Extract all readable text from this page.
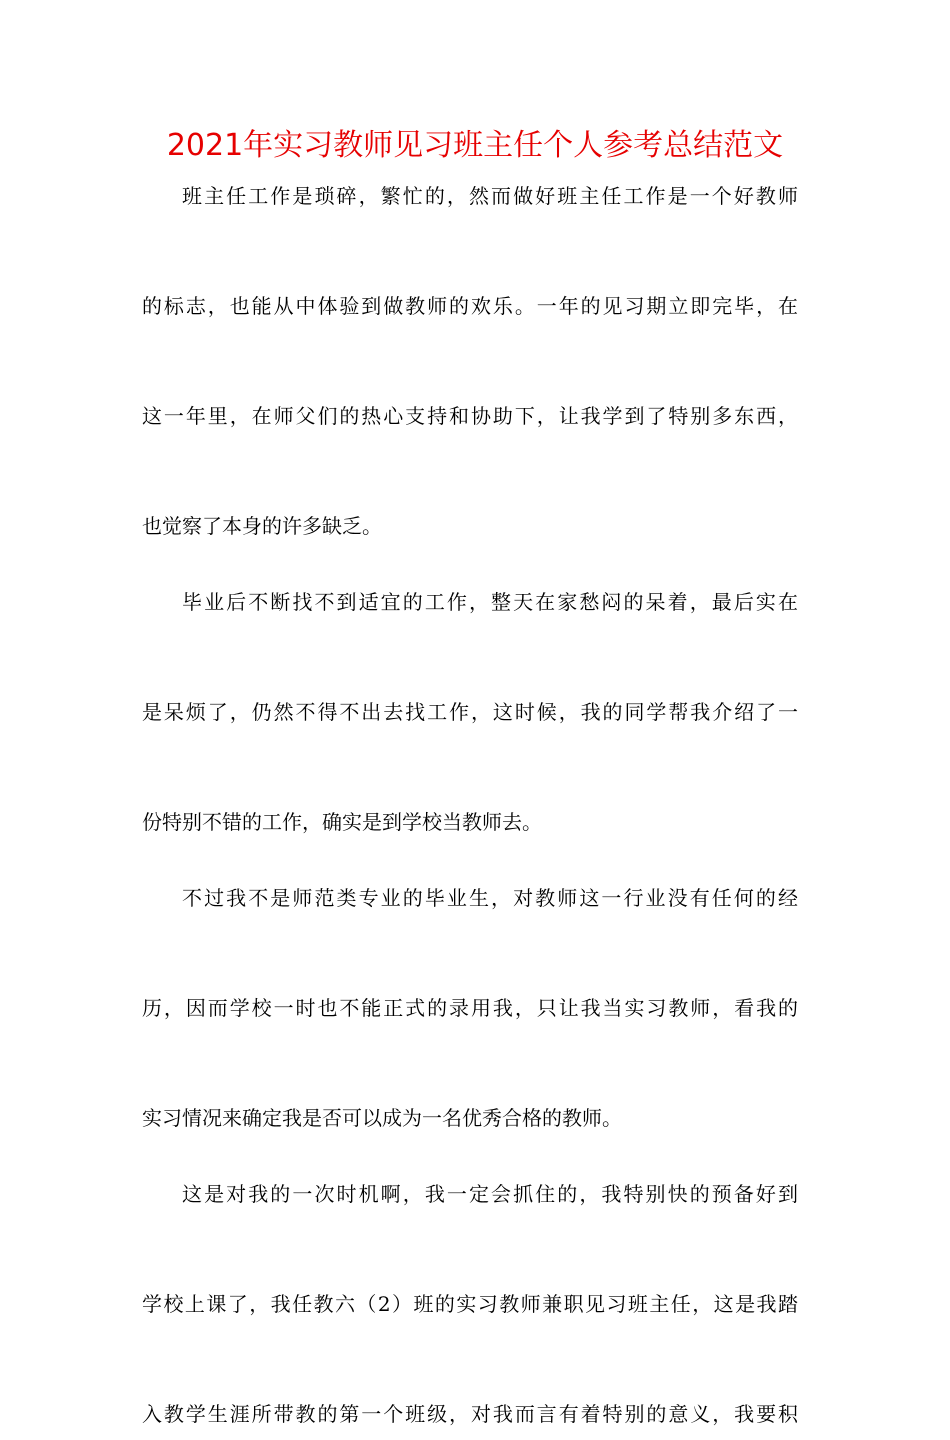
2021年实习教师见习班主任个人参考总结范文
班主任工作是琐碎，繁忙的，然而做好班主任工作是一个好教师
的标志，也能从中体验到做教师的欢乐。一年的见习期立即完毕，在
这一年里，在师父们的热心支持和协助下，让我学到了特别多东西，
也觉察了本身的许多缺乏。
毕业后不断找不到适宜的工作，整天在家愁闷的呆着，最后实在
是呆烦了，仍然不得不出去找工作，这时候，我的同学帮我介绍了一
份特别不错的工作，确实是到学校当教师去。
不过我不是师范类专业的毕业生，对教师这一行业没有任何的经
历，因而学校一时也不能正式的录用我，只让我当实习教师，看我的
实习情况来确定我是否可以成为一名优秀合格的教师。
这是对我的一次时机啊，我一定会抓住的，我特别快的预备好到
学校上课了，我任教六（2）班的实习教师兼职见习班主任，这是我踏
入教学生涯所带教的第一个班级，对我而言有着特别的意义，我要积
